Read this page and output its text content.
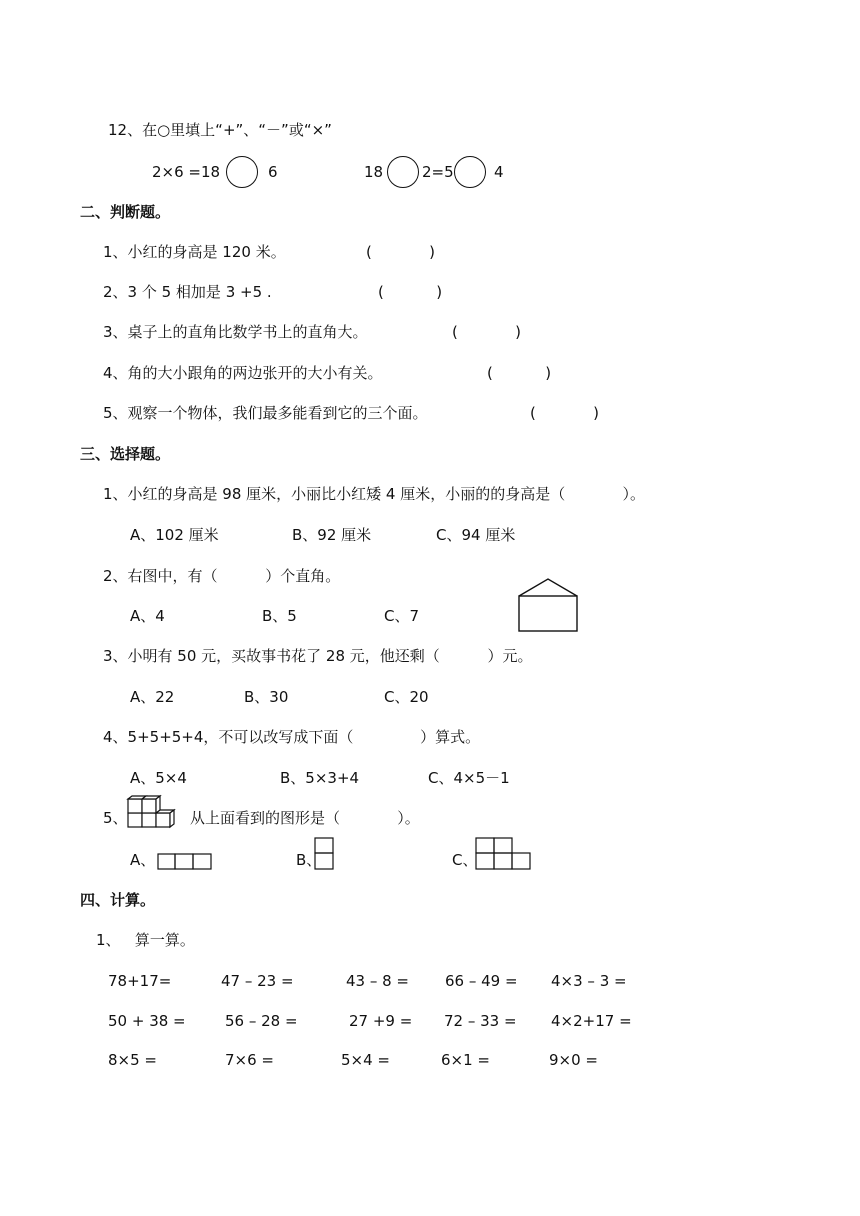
12、在○里填上“+”、“－”或“×”
2×6 =18	6	18	2=5	4
二、判断题。
1、小红的身高是 120 米。	(            )
2、3 个 5 相加是 3 +5 .	(           )
3、桌子上的直角比数学书上的直角大。	(            )
4、角的大小跟角的两边张开的大小有关。	(           )
5、观察一个物体，我们最多能看到它的三个面。	(            )
三、选择题。
1、小红的身高是 98 厘米，小丽比小红矮 4 厘米，小丽的的身高是（            ）。
A、102 厘米	B、92 厘米	C、94 厘米
2、右图中，有（          ）个直角。
A、4	B、5	C、7
3、小明有 50 元，买故事书花了 28 元，他还剩（          ）元。
A、22	B、30	C、20
4、5+5+5+4，不可以改写成下面（              ）算式。
A、5×4	B、5×3+4	C、4×5－1
5、	从上面看到的图形是（            ）。
A、	B、	C、
四、计算。
1、   算一算。
78+17=	47 – 23 =	43 – 8 = 66 – 49 = 4×3 – 3 =
50 + 38 =	56 – 28 =	27 +9 = 72 – 33 = 4×2+17 =
8×5 =	7×6 =	5×4 =	6×1 =	9×0 =
